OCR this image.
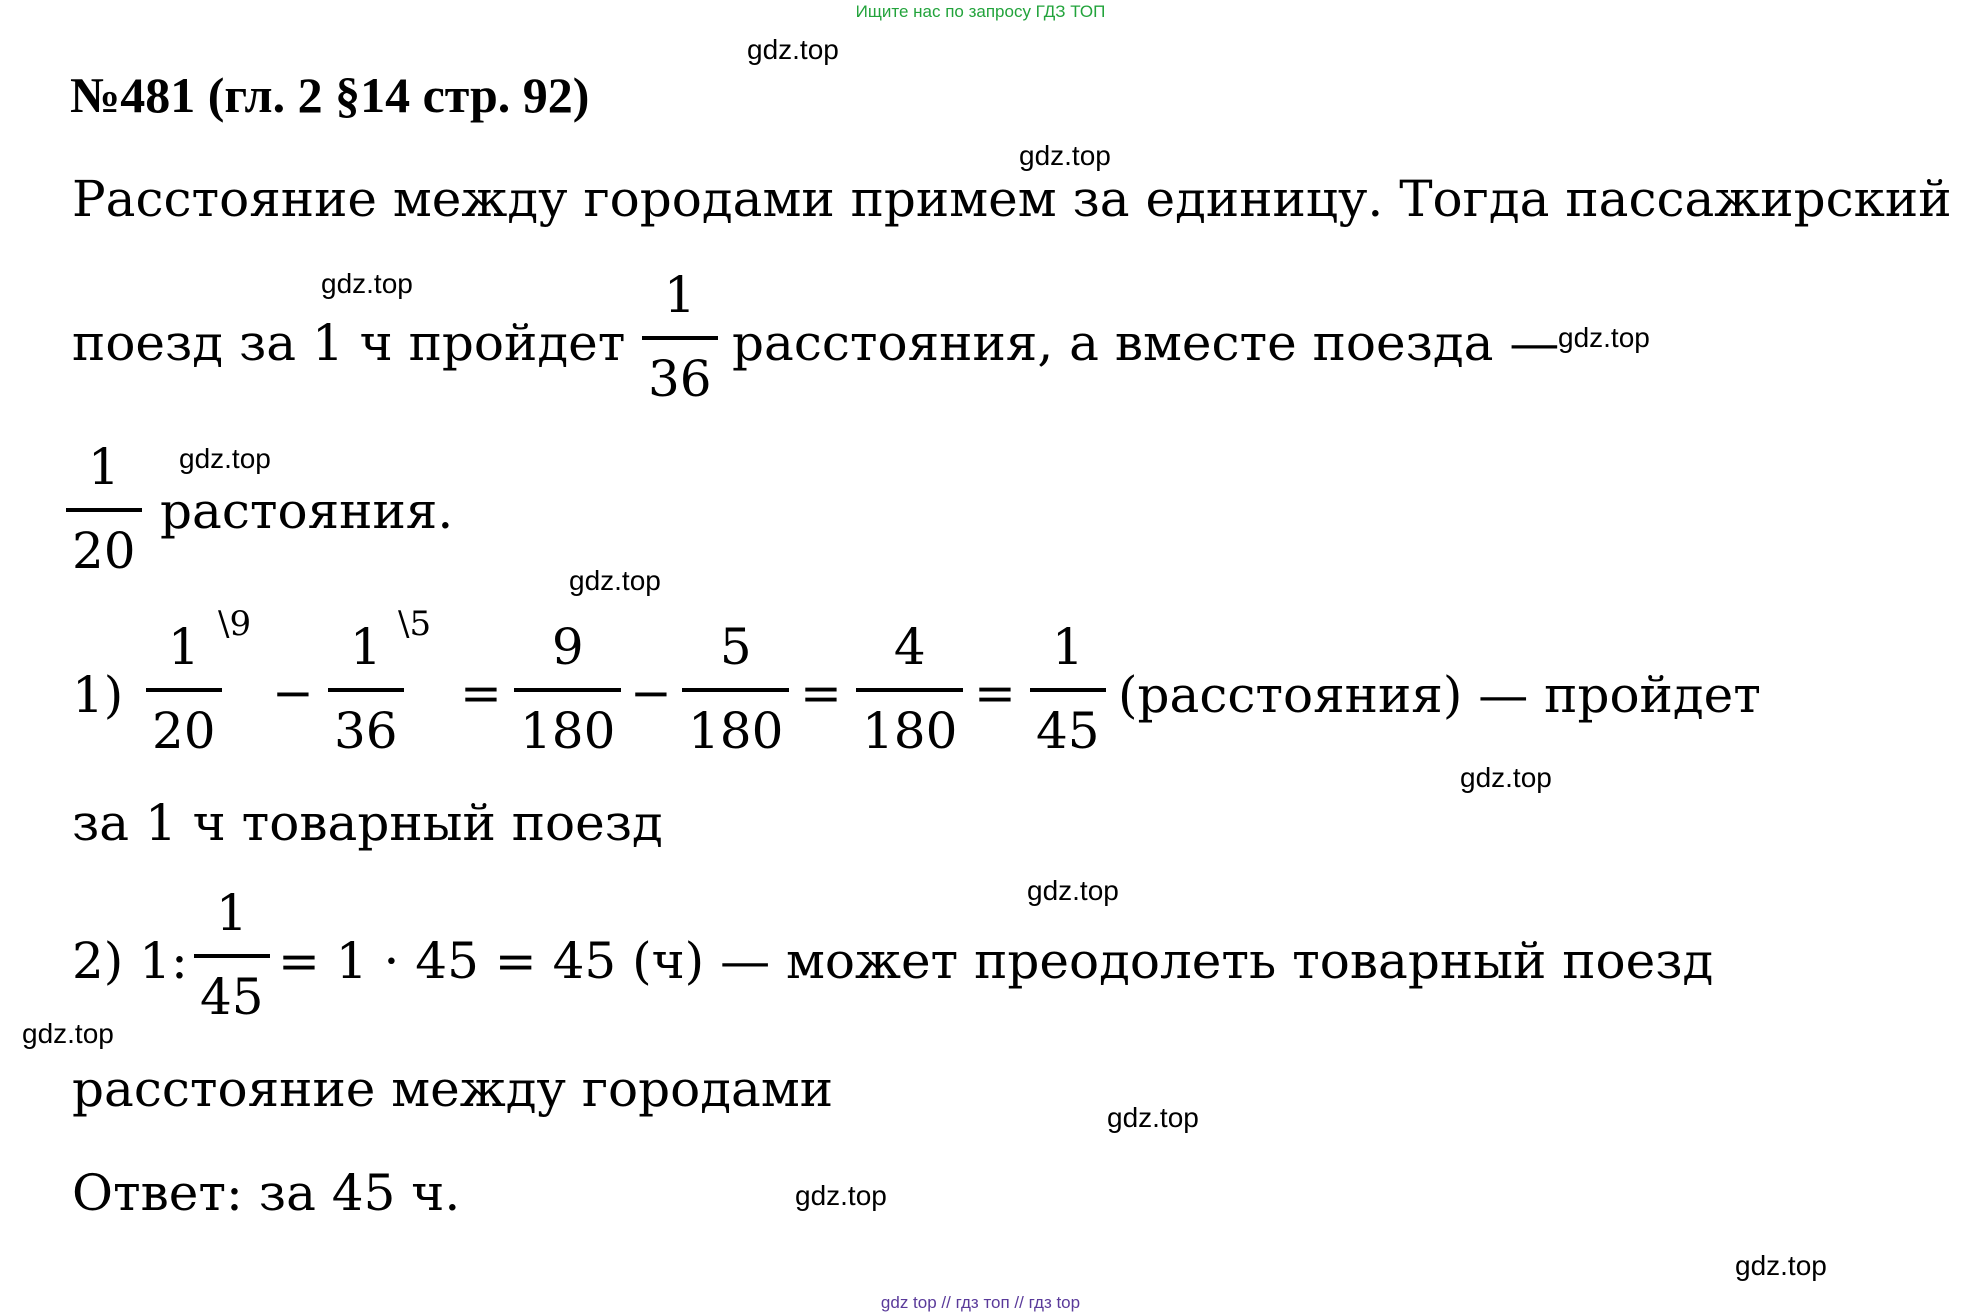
Ищите нас по запросу ГДЗ ТОП
№481 (гл. 2 §14 стр. 92)
gdz.top
gdz.top
gdz.top
gdz.top
gdz.top
gdz.top
gdz.top
gdz.top
gdz.top
gdz.top
gdz.top
gdz.top
Расстояние между городами примем за единицу. Тогда пассажирский
поезд за 1 ч пройдет
1
36
расстояния, а вместе поезда —
1
20
растояния.
1)
1
20
\9
−
1
36
\5
=
9
180
−
5
180
=
4
180
=
1
45
(расстояния) — пройдет
за 1 ч товарный поезд
2) 1:
1
45
= 1 · 45 = 45 (ч) — может преодолеть товарный поезд
расстояние между городами
Ответ: за 45 ч.
gdz top // гдз топ // гдз top
